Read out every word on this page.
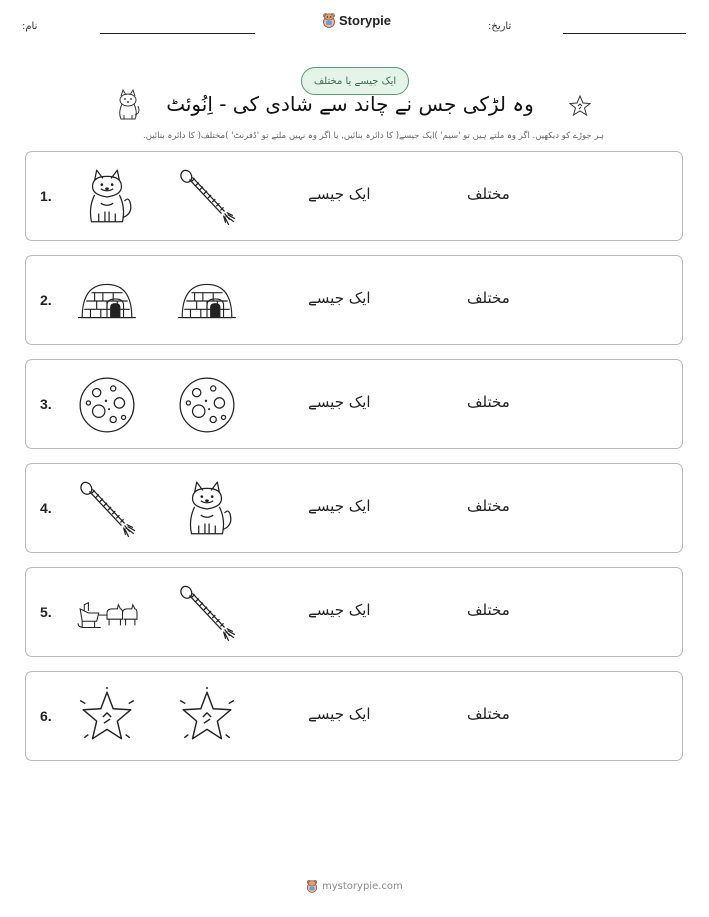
نام:	Storypie	تاریخ:
ایک جیسے یا مختلف
وہ لڑکی جس نے چاند سے شادی کی - اِنُوئٹ
ہر جوڑے کو دیکھیں. اگر وہ ملتے ہیں تو 'سیم' )ایک جیسے( کا دائرہ بنائیں, یا اگر وہ نہیں ملتے تو 'ڈفرنٹ' )مختلف( کا دائرہ بنائیں.
1.	ایک جیسے	مختلف
2.	ایک جیسے	مختلف
3.	ایک جیسے	مختلف
4.	ایک جیسے	مختلف
5.	ایک جیسے	مختلف
6.	ایک جیسے	مختلف
mystorypie.com
